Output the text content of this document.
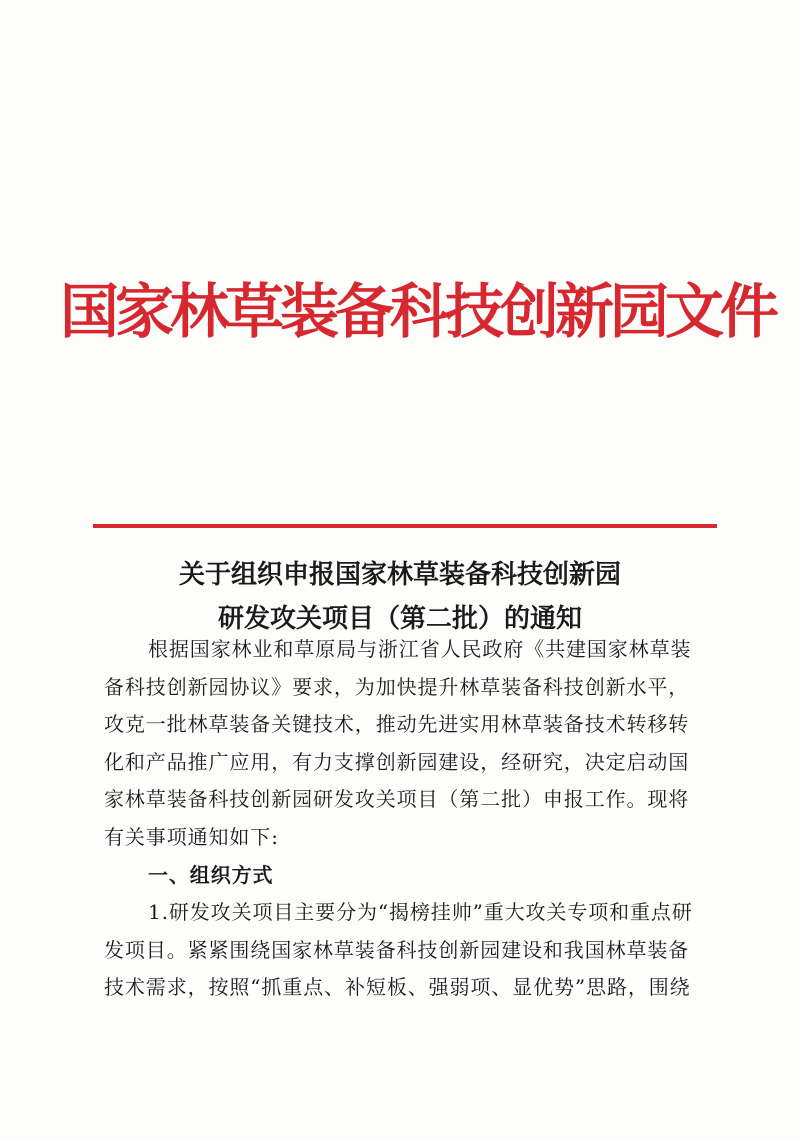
国家林草装备科技创新园文件
关于组织申报国家林草装备科技创新园
研发攻关项目（第二批）的通知
根据国家林业和草原局与浙江省人民政府《共建国家林草装
备科技创新园协议》要求，为加快提升林草装备科技创新水平，
攻克一批林草装备关键技术，推动先进实用林草装备技术转移转
化和产品推广应用，有力支撑创新园建设，经研究，决定启动国
家林草装备科技创新园研发攻关项目（第二批）申报工作。现将
有关事项通知如下:
一、组织方式
1.研发攻关项目主要分为“揭榜挂帅”重大攻关专项和重点研
发项目。紧紧围绕国家林草装备科技创新园建设和我国林草装备
技术需求，按照“抓重点、补短板、强弱项、显优势”思路，围绕
